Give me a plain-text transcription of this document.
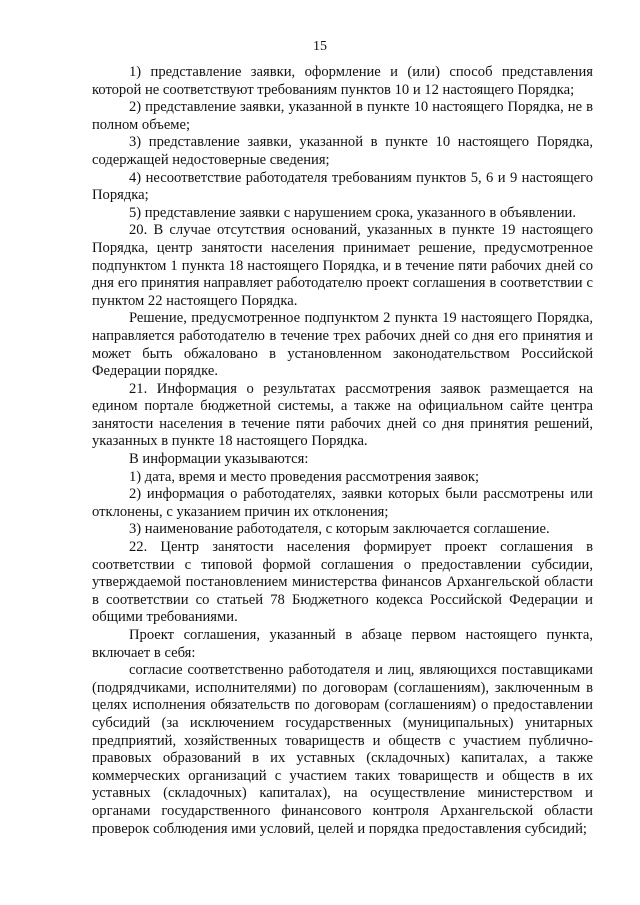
15

1) представление заявки, оформление и (или) способ представления которой не соответствуют требованиям пунктов 10 и 12 настоящего Порядка;

2) представление заявки, указанной в пункте 10 настоящего Порядка, не в полном объеме;

3) представление заявки, указанной в пункте 10 настоящего Порядка, содержащей недостоверные сведения;

4) несоответствие работодателя требованиям пунктов 5, 6 и 9 настоящего Порядка;

5) представление заявки с нарушением срока, указанного в объявлении.

20. В случае отсутствия оснований, указанных в пункте 19 настоящего Порядка, центр занятости населения принимает решение, предусмотренное подпунктом 1 пункта 18 настоящего Порядка, и в течение пяти рабочих дней со дня его принятия направляет работодателю проект соглашения в соответствии с пунктом 22 настоящего Порядка.

Решение, предусмотренное подпунктом 2 пункта 19 настоящего Порядка, направляется работодателю в течение трех рабочих дней со дня его принятия и может быть обжаловано в установленном законодательством Российской Федерации порядке.

21. Информация о результатах рассмотрения заявок размещается на едином портале бюджетной системы, а также на официальном сайте центра занятости населения в течение пяти рабочих дней со дня принятия решений, указанных в пункте 18 настоящего Порядка.

В информации указываются:

1) дата, время и место проведения рассмотрения заявок;

2) информация о работодателях, заявки которых были рассмотрены или отклонены, с указанием причин их отклонения;

3) наименование работодателя, с которым заключается соглашение.

22. Центр занятости населения формирует проект соглашения в соответствии с типовой формой соглашения о предоставлении субсидии, утверждаемой постановлением министерства финансов Архангельской области в соответствии со статьей 78 Бюджетного кодекса Российской Федерации и общими требованиями.

Проект соглашения, указанный в абзаце первом настоящего пункта, включает в себя:

согласие соответственно работодателя и лиц, являющихся поставщиками (подрядчиками, исполнителями) по договорам (соглашениям), заключенным в целях исполнения обязательств по договорам (соглашениям) о предоставлении субсидий (за исключением государственных (муниципальных) унитарных предприятий, хозяйственных товариществ и обществ с участием публично-правовых образований в их уставных (складочных) капиталах, а также коммерческих организаций с участием таких товариществ и обществ в их уставных (складочных) капиталах), на осуществление министерством и органами государственного финансового контроля Архангельской области проверок соблюдения ими условий, целей и порядка предоставления субсидий;
